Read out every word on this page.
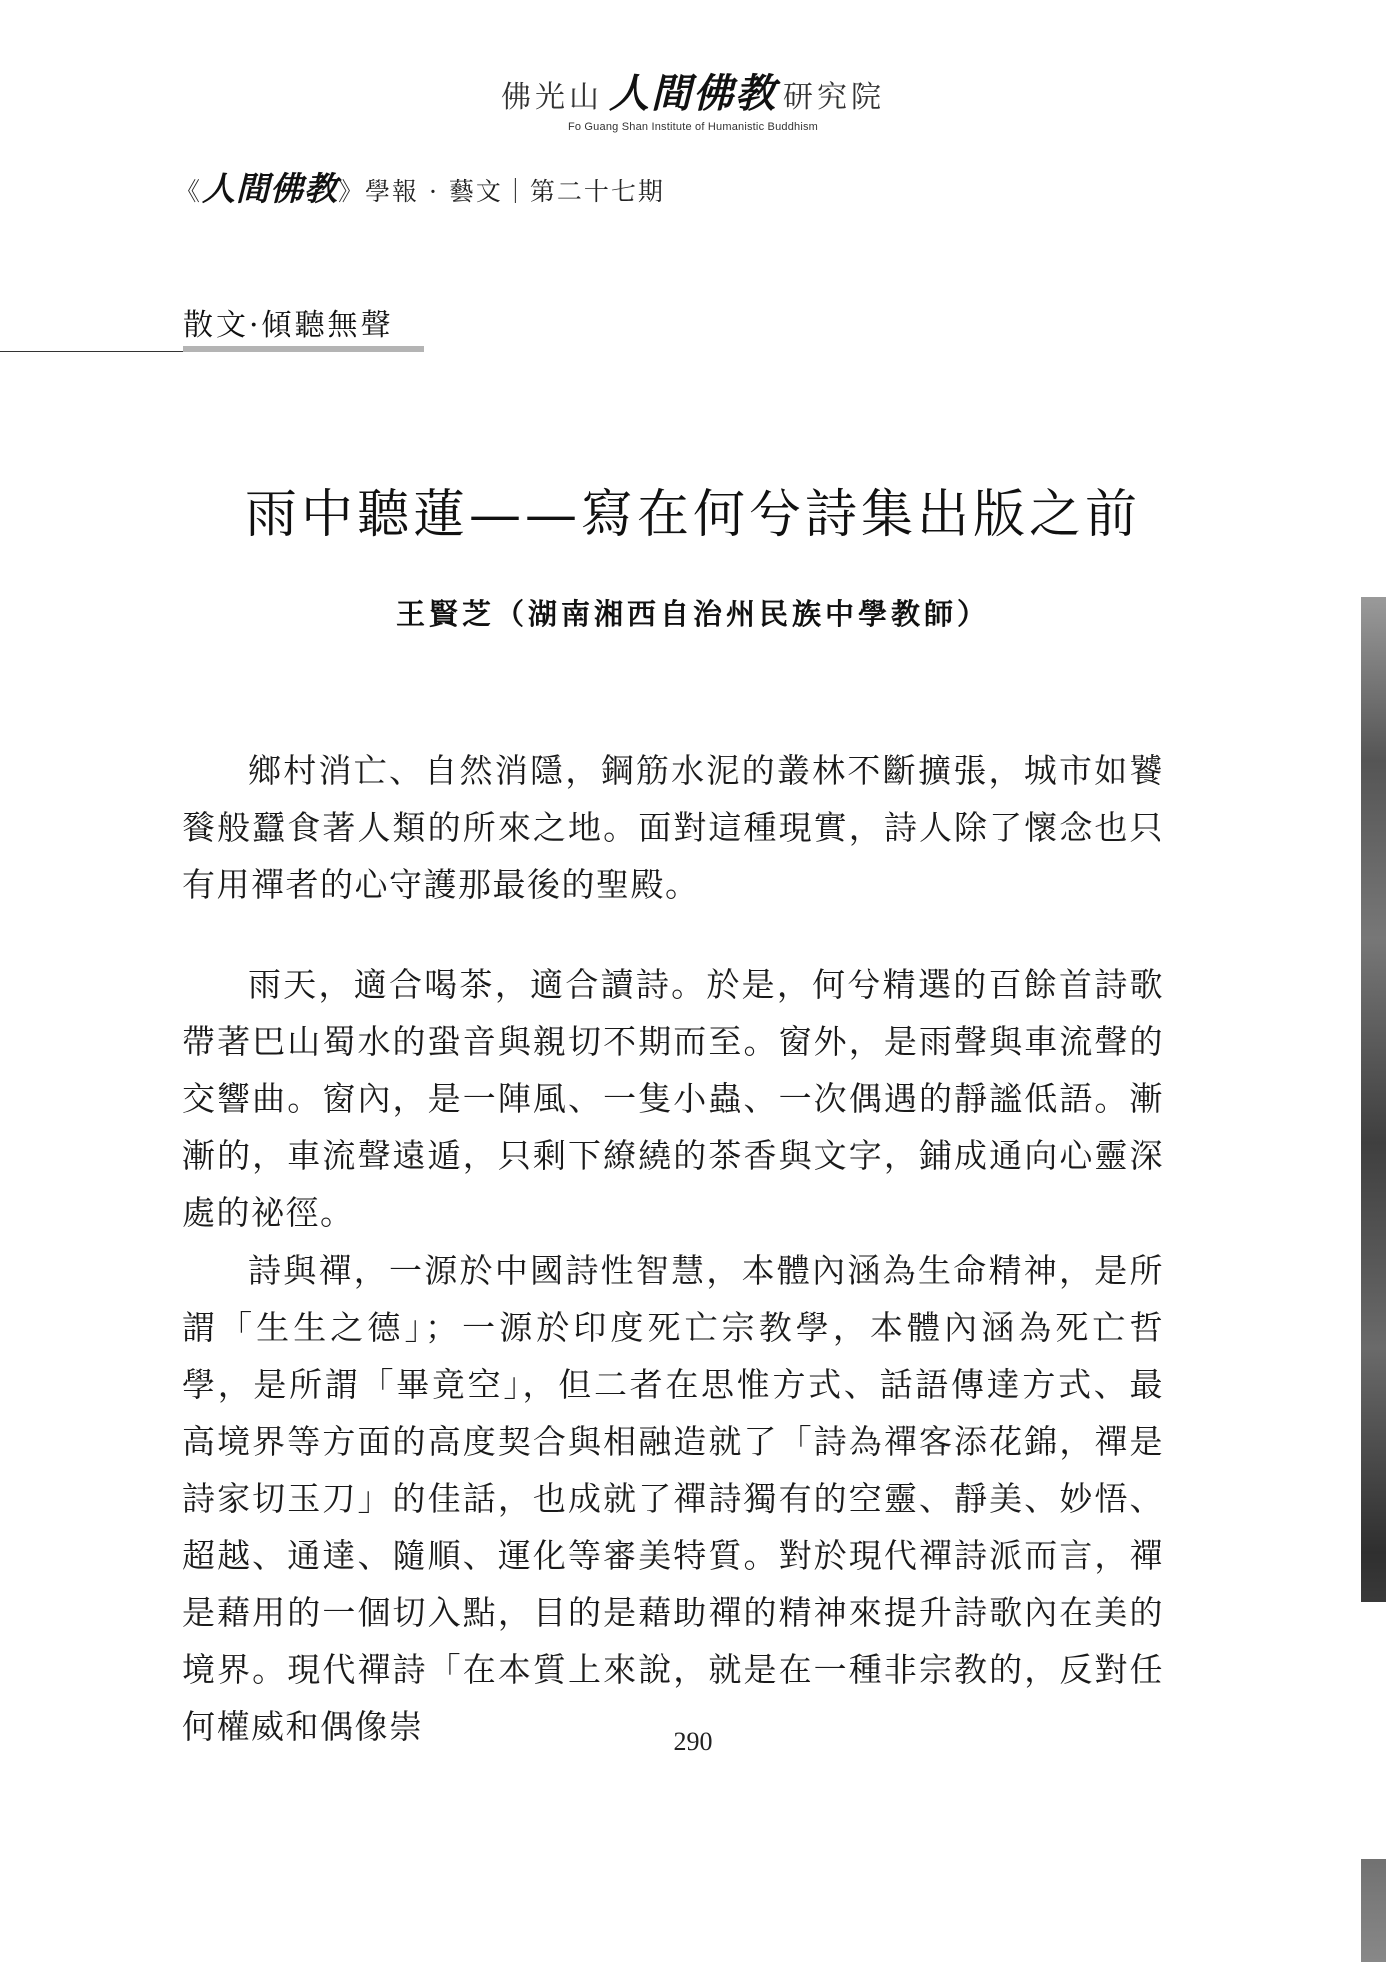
佛光山 人間佛教 研究院
Fo Guang Shan Institute of Humanistic Buddhism
《人間佛教》學報 · 藝文｜第二十七期
散文·傾聽無聲
雨中聽蓮——寫在何兮詩集出版之前
王賢芝（湖南湘西自治州民族中學教師）

鄉村消亡、自然消隱，鋼筋水泥的叢林不斷擴張，城市如饕餮般蠶食著人類的所來之地。面對這種現實，詩人除了懷念也只有用禪者的心守護那最後的聖殿。

雨天，適合喝茶，適合讀詩。於是，何兮精選的百餘首詩歌帶著巴山蜀水的蛩音與親切不期而至。窗外，是雨聲與車流聲的交響曲。窗內，是一陣風、一隻小蟲、一次偶遇的靜謐低語。漸漸的，車流聲遠遁，只剩下繚繞的茶香與文字，鋪成通向心靈深處的祕徑。

詩與禪，一源於中國詩性智慧，本體內涵為生命精神，是所謂「生生之德」；一源於印度死亡宗教學，本體內涵為死亡哲學，是所謂「畢竟空」，但二者在思惟方式、話語傳達方式、最高境界等方面的高度契合與相融造就了「詩為禪客添花錦，禪是詩家切玉刀」的佳話，也成就了禪詩獨有的空靈、靜美、妙悟、超越、通達、隨順、運化等審美特質。對於現代禪詩派而言，禪是藉用的一個切入點，目的是藉助禪的精神來提升詩歌內在美的境界。現代禪詩「在本質上來說，就是在一種非宗教的，反對任何權威和偶像崇	290
